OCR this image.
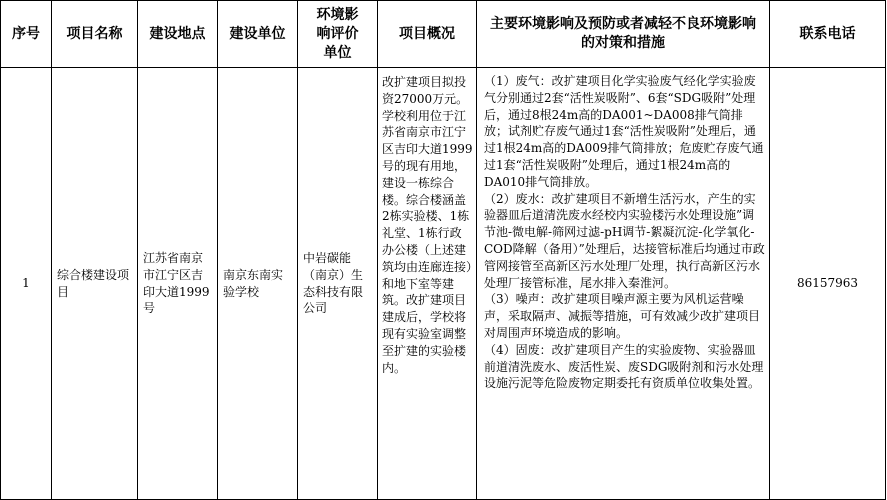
序号	项目名称	建设地点	建设单位	环境影响评价单位	项目概况	主要环境影响及预防或者减轻不良环境影响的对策和措施	联系电话
1	综合楼建设项目	江苏省南京市江宁区吉印大道1999号	南京东南实验学校	中岩碳能（南京）生态科技有限公司	改扩建项目拟投资27000万元。学校利用位于江苏省南京市江宁区吉印大道1999号的现有用地，建设一栋综合楼。综合楼涵盖2栋实验楼、1栋礼堂、1栋行政办公楼（上述建筑均由连廊连接）和地下室等建筑。改扩建项目建成后，学校将现有实验室调整至扩建的实验楼内。	（1）废气：改扩建项目化学实验废气经化学实验废气分别通过2套“活性炭吸附”、6套“SDG吸附”处理后，通过8根24m高的DA001~DA008排气筒排放；试剂贮存废气通过1套“活性炭吸附”处理后，通过1根24m高的DA009排气筒排放；危废贮存废气通过1套“活性炭吸附”处理后，通过1根24m高的DA010排气筒排放。

（2）废水：改扩建项目不新增生活污水，产生的实验器皿后道清洗废水经校内实验楼污水处理设施”调节池-微电解-筛网过滤-pH调节-絮凝沉淀-化学氧化-COD降解（备用）”处理后，达接管标准后均通过市政管网接管至高新区污水处理厂处理，执行高新区污水处理厂接管标准，尾水排入秦淮河。

（3）噪声：改扩建项目噪声源主要为风机运营噪声，采取隔声、减振等措施，可有效减少改扩建项目对周围声环境造成的影响。

（4）固废：改扩建项目产生的实验废物、实验器皿前道清洗废水、废活性炭、废SDG吸附剂和污水处理设施污泥等危险废物定期委托有资质单位收集处置。	86157963
